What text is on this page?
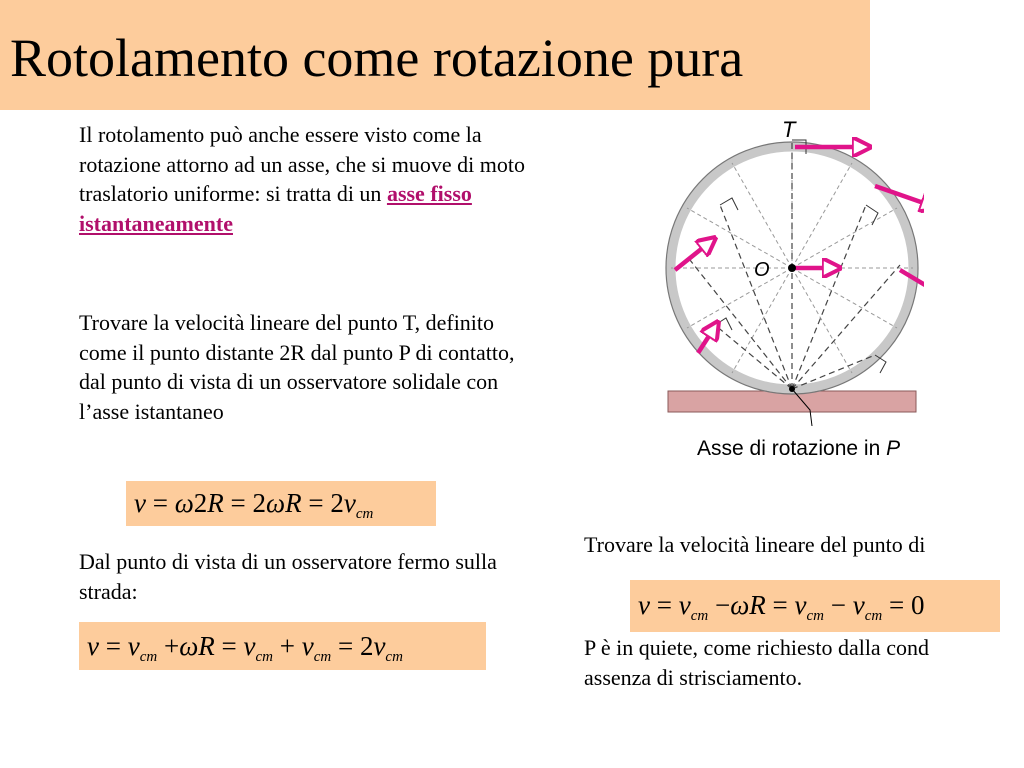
Rotolamento come rotazione pura
Il rotolamento può anche essere visto come la rotazione attorno ad un asse, che si muove di moto traslatorio uniforme: si tratta di un asse fisso istantaneamente
Trovare la velocità lineare del punto T, definito come il punto distante 2R dal punto P di contatto, dal punto di vista di un osservatore solidale con l’asse istantaneo
$v = \omega 2R = 2\omega R = 2v_{cm}$
Dal punto di vista di un osservatore fermo sulla strada:
$v = v_{cm} +\omega R = v_{cm} + v_{cm} = 2v_{cm}$
Trovare la velocità lineare del punto di
$v = v_{cm} -\omega R = v_{cm} - v_{cm} = 0$
P è in quiete, come richiesto dalla cond
assenza di strisciamento.
T
O
Asse di rotazione in P
